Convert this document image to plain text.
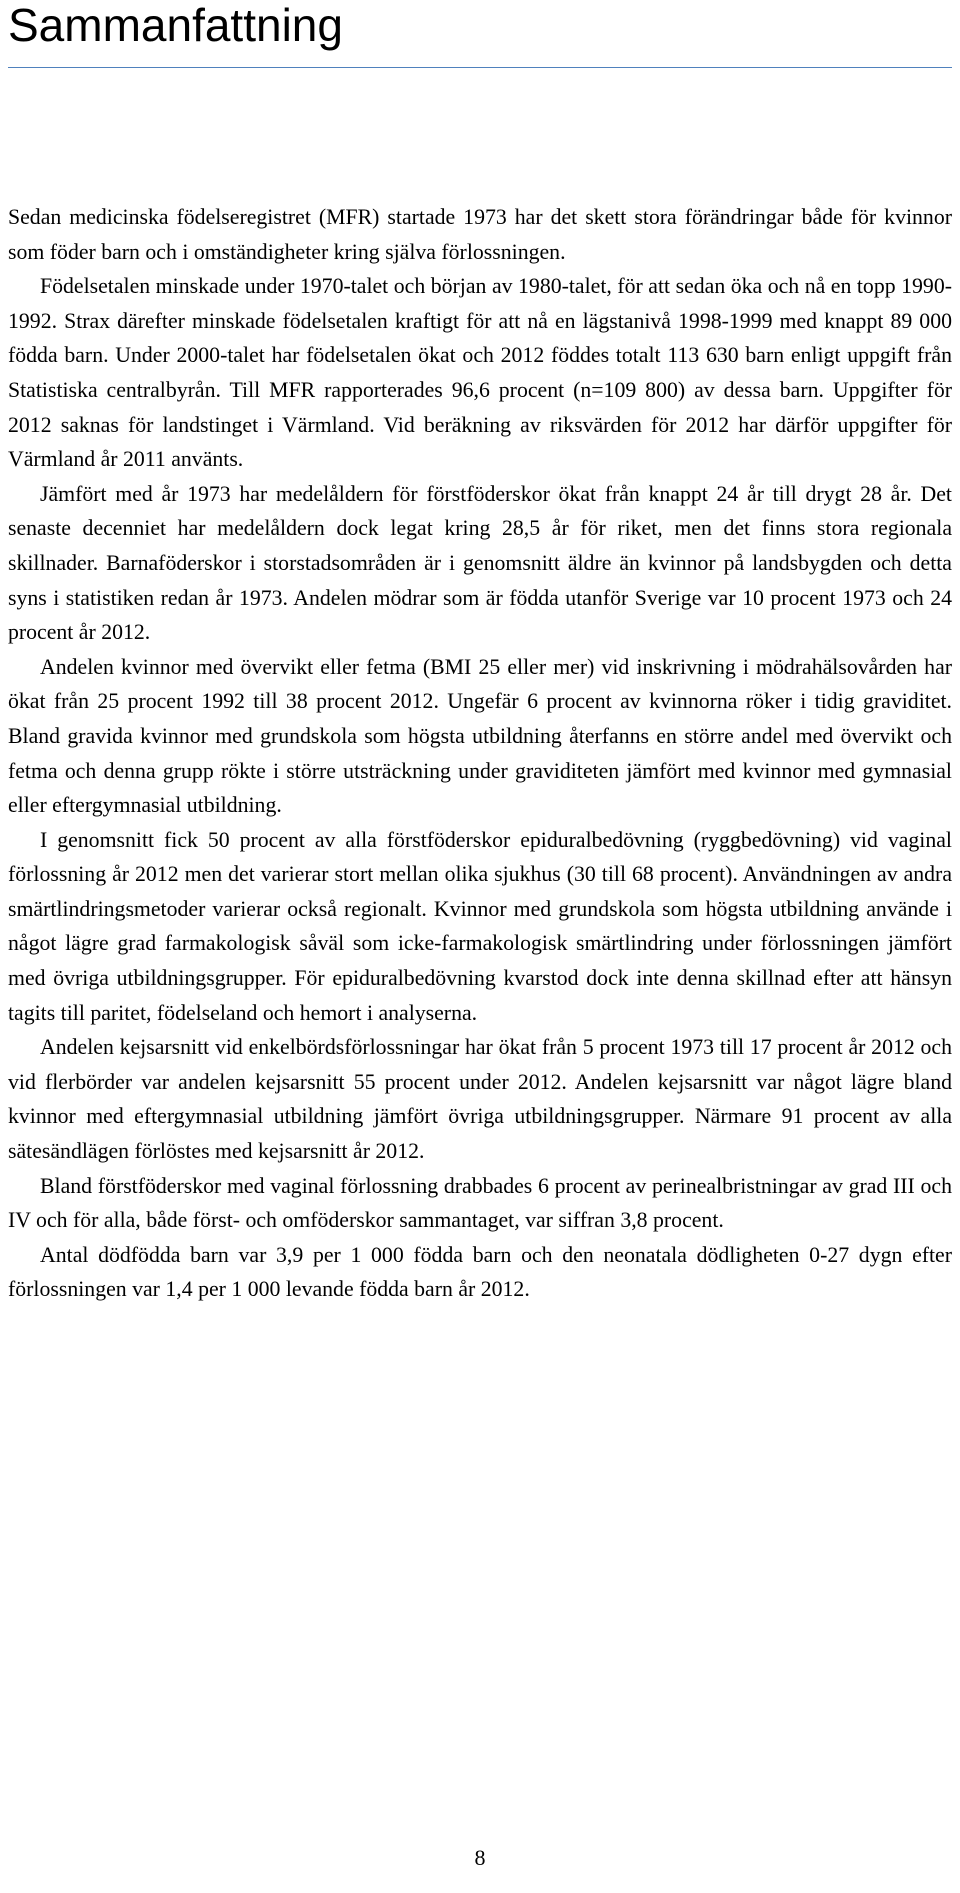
Sammanfattning

Sedan medicinska födelseregistret (MFR) startade 1973 har det skett stora förändringar både för kvinnor som föder barn och i omständigheter kring själva förlossningen.

Födelsetalen minskade under 1970-talet och början av 1980-talet, för att sedan öka och nå en topp 1990-1992. Strax därefter minskade födelsetalen kraftigt för att nå en lägstanivå 1998-1999 med knappt 89 000 födda barn. Under 2000-talet har födelsetalen ökat och 2012 föddes totalt 113 630 barn enligt uppgift från Statistiska centralbyrån. Till MFR rapporterades 96,6 procent (n=109 800) av dessa barn. Uppgifter för 2012 saknas för landstinget i Värmland. Vid beräkning av riksvärden för 2012 har därför uppgifter för Värmland år 2011 använts.

Jämfört med år 1973 har medelåldern för förstföderskor ökat från knappt 24 år till drygt 28 år. Det senaste decenniet har medelåldern dock legat kring 28,5 år för riket, men det finns stora regionala skillnader. Barnaföderskor i storstadsområden är i genomsnitt äldre än kvinnor på landsbygden och detta syns i statistiken redan år 1973. Andelen mödrar som är födda utanför Sverige var 10 procent 1973 och 24 procent år 2012.

Andelen kvinnor med övervikt eller fetma (BMI 25 eller mer) vid inskrivning i mödrahälsovården har ökat från 25 procent 1992 till 38 procent 2012. Ungefär 6 procent av kvinnorna röker i tidig graviditet. Bland gravida kvinnor med grundskola som högsta utbildning återfanns en större andel med övervikt och fetma och denna grupp rökte i större utsträckning under graviditeten jämfört med kvinnor med gymnasial eller eftergymnasial utbildning.

I genomsnitt fick 50 procent av alla förstföderskor epiduralbedövning (ryggbedövning) vid vaginal förlossning år 2012 men det varierar stort mellan olika sjukhus (30 till 68 procent). Användningen av andra smärtlindringsmetoder varierar också regionalt. Kvinnor med grundskola som högsta utbildning använde i något lägre grad farmakologisk såväl som icke-farmakologisk smärtlindring under förlossningen jämfört med övriga utbildningsgrupper. För epiduralbedövning kvarstod dock inte denna skillnad efter att hänsyn tagits till paritet, födelseland och hemort i analyserna.

Andelen kejsarsnitt vid enkelbördsförlossningar har ökat från 5 procent 1973 till 17 procent år 2012 och vid flerbörder var andelen kejsarsnitt 55 procent under 2012. Andelen kejsarsnitt var något lägre bland kvinnor med eftergymnasial utbildning jämfört övriga utbildningsgrupper. Närmare 91 procent av alla sätesändlägen förlöstes med kejsarsnitt år 2012.

Bland förstföderskor med vaginal förlossning drabbades 6 procent av perinealbristningar av grad III och IV och för alla, både först- och omföderskor sammantaget, var siffran 3,8 procent.

Antal dödfödda barn var 3,9 per 1 000 födda barn och den neonatala dödligheten 0-27 dygn efter förlossningen var 1,4 per 1 000 levande födda barn år 2012.

8
